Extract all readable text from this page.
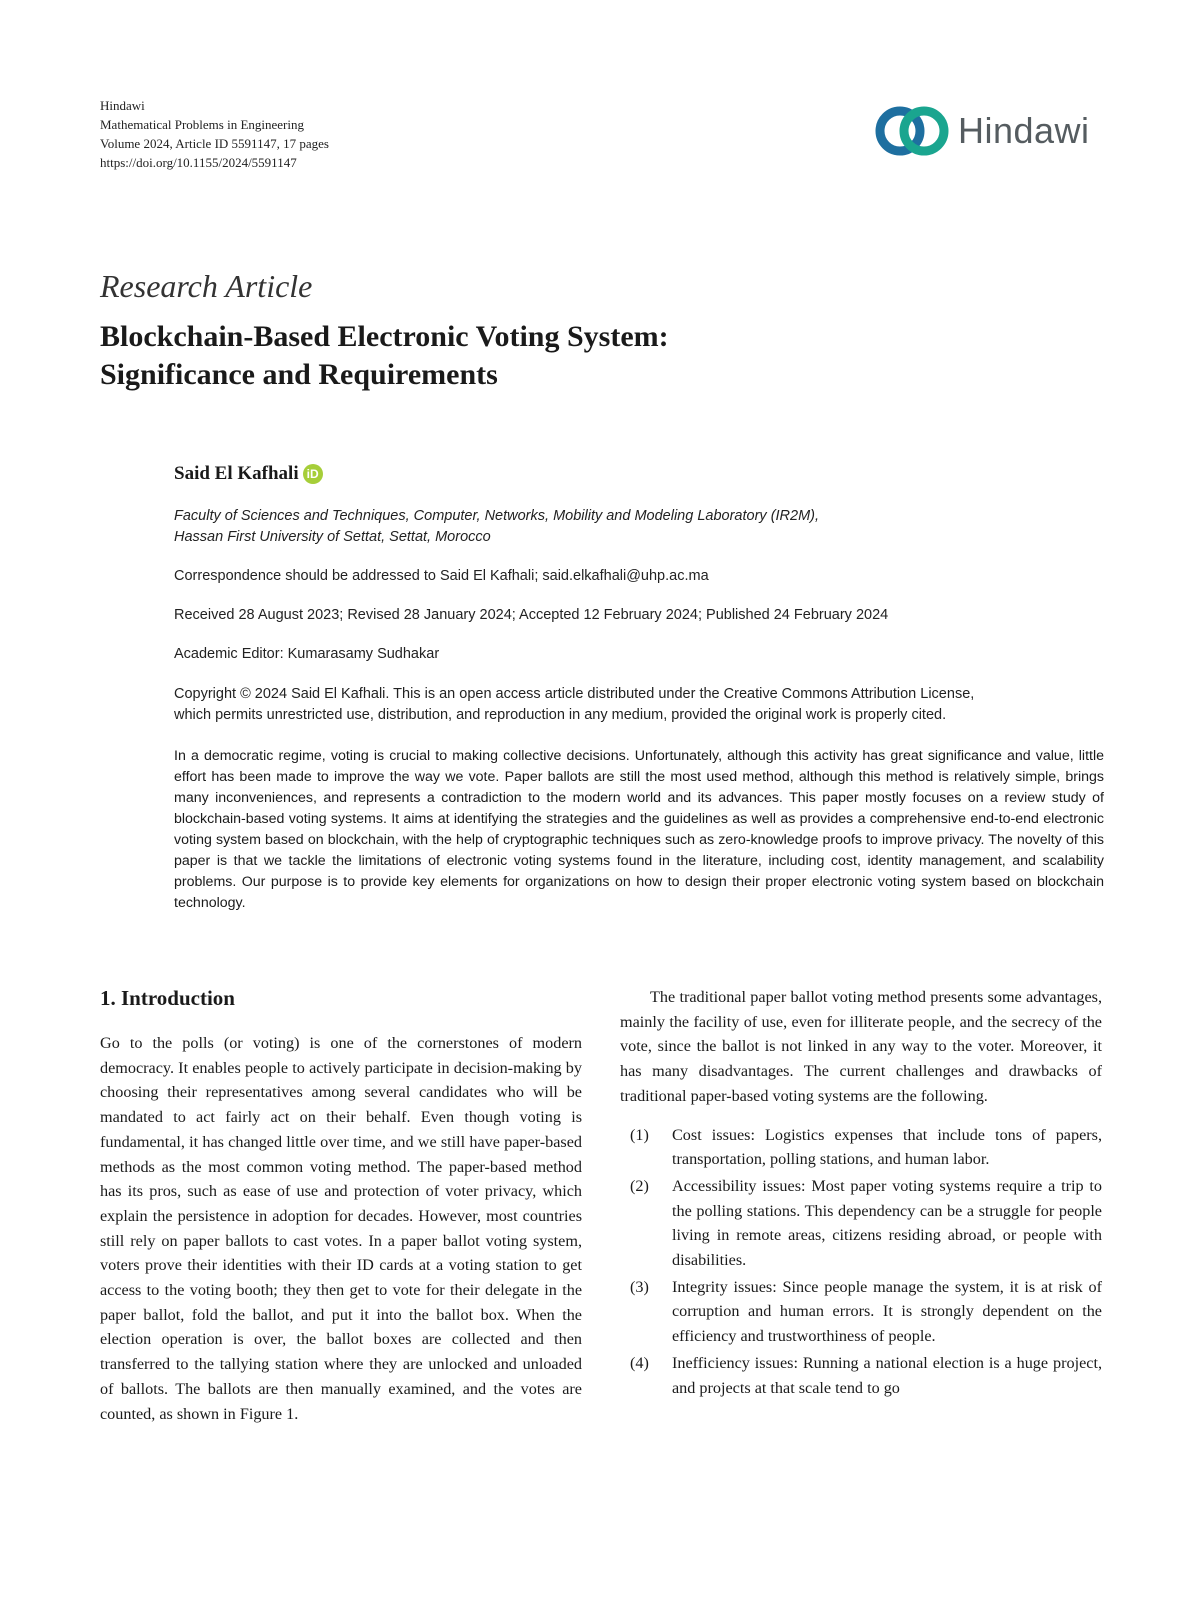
Hindawi
Mathematical Problems in Engineering
Volume 2024, Article ID 5591147, 17 pages
https://doi.org/10.1155/2024/5591147
Hindawi
Research Article
Blockchain-Based Electronic Voting System:
Significance and Requirements
Said El Kafhali iD
Faculty of Sciences and Techniques, Computer, Networks, Mobility and Modeling Laboratory (IR2M),
Hassan First University of Settat, Settat, Morocco
Correspondence should be addressed to Said El Kafhali; said.elkafhali@uhp.ac.ma
Received 28 August 2023; Revised 28 January 2024; Accepted 12 February 2024; Published 24 February 2024
Academic Editor: Kumarasamy Sudhakar
Copyright © 2024 Said El Kafhali. This is an open access article distributed under the Creative Commons Attribution License,
which permits unrestricted use, distribution, and reproduction in any medium, provided the original work is properly cited.

In a democratic regime, voting is crucial to making collective decisions. Unfortunately, although this activity has great significance and value, little effort has been made to improve the way we vote. Paper ballots are still the most used method, although this method is relatively simple, brings many inconveniences, and represents a contradiction to the modern world and its advances. This paper mostly focuses on a review study of blockchain-based voting systems. It aims at identifying the strategies and the guidelines as well as provides a comprehensive end-to-end electronic voting system based on blockchain, with the help of cryptographic techniques such as zero-knowledge proofs to improve privacy. The novelty of this paper is that we tackle the limitations of electronic voting systems found in the literature, including cost, identity management, and scalability problems. Our purpose is to provide key elements for organizations on how to design their proper electronic voting system based on blockchain technology.

1. Introduction

Go to the polls (or voting) is one of the cornerstones of modern democracy. It enables people to actively participate in decision-making by choosing their representatives among several candidates who will be mandated to act fairly act on their behalf. Even though voting is fundamental, it has changed little over time, and we still have paper-based methods as the most common voting method. The paper-based method has its pros, such as ease of use and protection of voter privacy, which explain the persistence in adoption for decades. However, most countries still rely on paper ballots to cast votes. In a paper ballot voting system, voters prove their identities with their ID cards at a voting station to get access to the voting booth; they then get to vote for their delegate in the paper ballot, fold the ballot, and put it into the ballot box. When the election operation is over, the ballot boxes are collected and then transferred to the tallying station where they are unlocked and unloaded of ballots. The ballots are then manually examined, and the votes are counted, as shown in Figure 1.

The traditional paper ballot voting method presents some advantages, mainly the facility of use, even for illiterate people, and the secrecy of the vote, since the ballot is not linked in any way to the voter. Moreover, it has many disadvantages. The current challenges and drawbacks of traditional paper-based voting systems are the following.

(1)	Cost issues: Logistics expenses that include tons of papers, transportation, polling stations, and human labor.
(2)	Accessibility issues: Most paper voting systems require a trip to the polling stations. This dependency can be a struggle for people living in remote areas, citizens residing abroad, or people with disabilities.
(3)	Integrity issues: Since people manage the system, it is at risk of corruption and human errors. It is strongly dependent on the efficiency and trustworthiness of people.
(4)	Inefficiency issues: Running a national election is a huge project, and projects at that scale tend to go
